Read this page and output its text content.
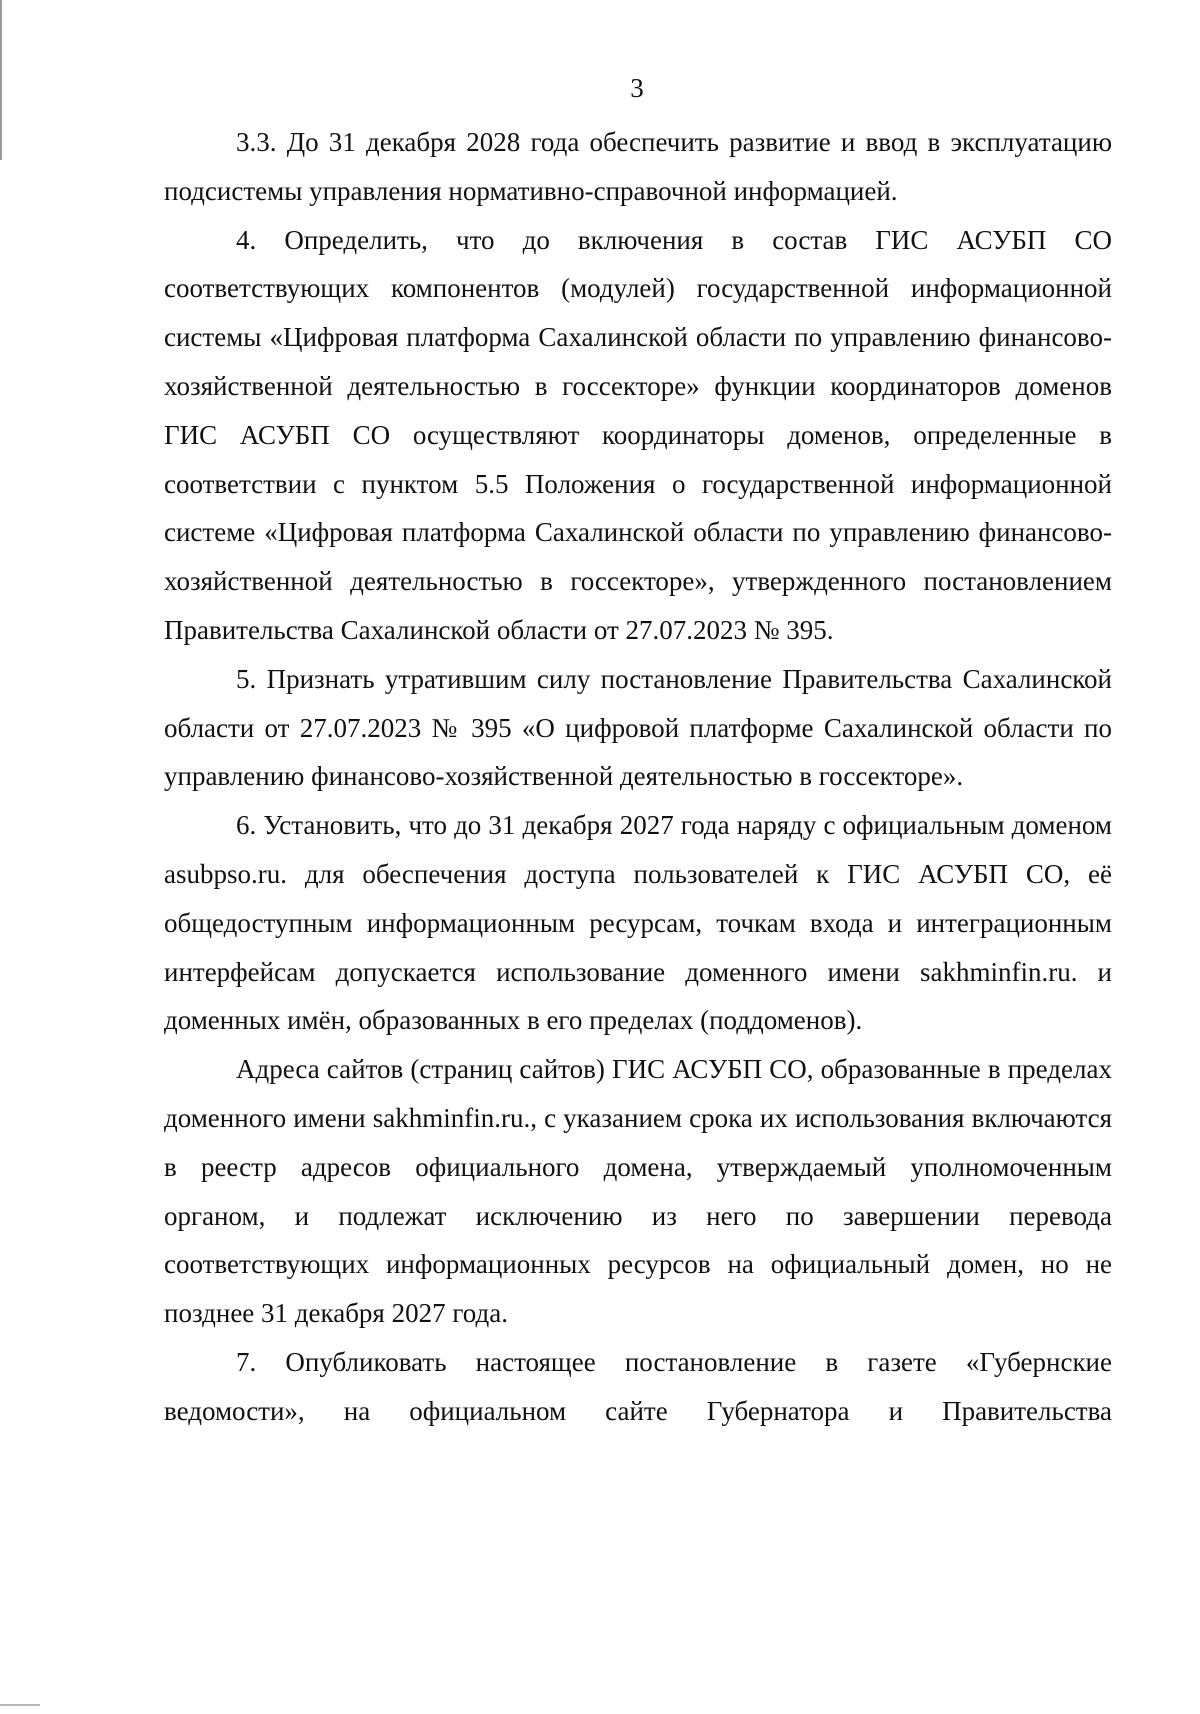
3

3.3. До 31 декабря 2028 года обеспечить развитие и ввод в эксплуатацию подсистемы управления нормативно-справочной информацией.

4. Определить, что до включения в состав ГИС АСУБП СО соответствующих компонентов (модулей) государственной информационной системы «Цифровая платформа Сахалинской области по управлению финансово-хозяйственной деятельностью в госсекторе» функции координаторов доменов ГИС АСУБП СО осуществляют координаторы доменов, определенные в соответствии с пунктом 5.5 Положения о государственной информационной системе «Цифровая платформа Сахалинской области по управлению финансово-хозяйственной деятельностью в госсекторе», утвержденного постановлением Правительства Сахалинской области от 27.07.2023 № 395.

5. Признать утратившим силу постановление Правительства Сахалинской области от 27.07.2023 № 395 «О цифровой платформе Сахалинской области по управлению финансово-хозяйственной деятельностью в госсекторе».

6. Установить, что до 31 декабря 2027 года наряду с официальным доменом asubpso.ru. для обеспечения доступа пользователей к ГИС АСУБП СО, её общедоступным информационным ресурсам, точкам входа и интеграционным интерфейсам допускается использование доменного имени sakhminfin.ru. и доменных имён, образованных в его пределах (поддоменов).

Адреса сайтов (страниц сайтов) ГИС АСУБП СО, образованные в пределах доменного имени sakhminfin.ru., с указанием срока их использования включаются в реестр адресов официального домена, утверждаемый уполномоченным органом, и подлежат исключению из него по завершении перевода соответствующих информационных ресурсов на официальный домен, но не позднее 31 декабря 2027 года.

7. Опубликовать настоящее постановление в газете «Губернские ведомости», на официальном сайте Губернатора и Правительства
